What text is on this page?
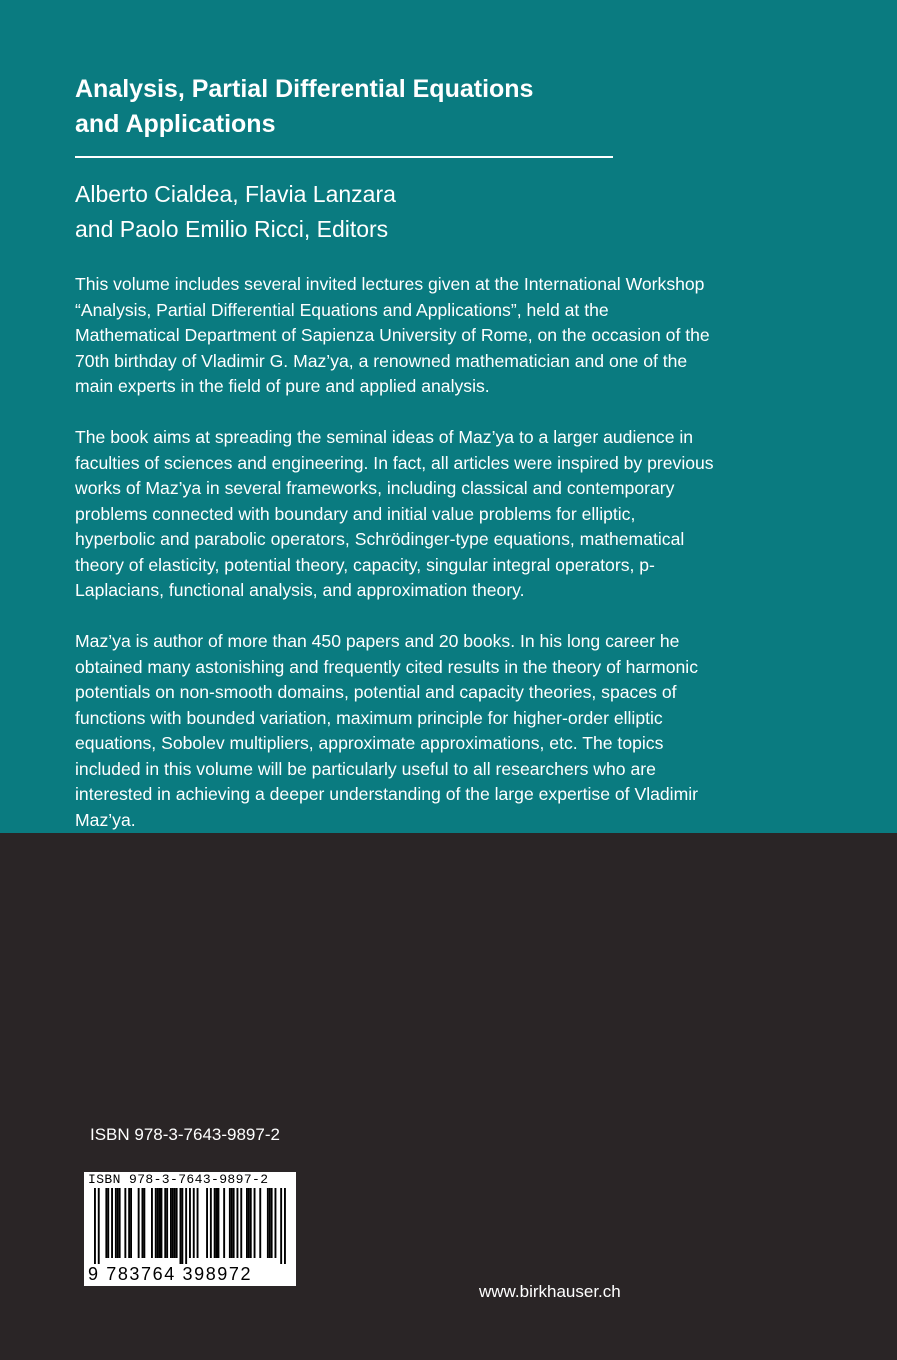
Analysis, Partial Differential Equations
and Applications
Alberto Cialdea, Flavia Lanzara
and Paolo Emilio Ricci, Editors

This volume includes several invited lectures given at the International Workshop “Analysis, Partial Differential Equations and Applications”, held at the Mathematical Department of Sapienza University of Rome, on the occasion of the 70th birthday of Vladimir G. Maz’ya, a renowned mathematician and one of the main experts in the field of pure and applied analysis.

The book aims at spreading the seminal ideas of Maz’ya to a larger audience in faculties of sciences and engineering. In fact, all articles were inspired by previous works of Maz’ya in several frameworks, including classical and contemporary problems connected with boundary and initial value problems for elliptic, hyperbolic and parabolic operators, Schrödinger-type equations, mathematical theory of elasticity, potential theory, capacity, singular integral operators, p-Laplacians, functional analysis, and approximation theory.

Maz’ya is author of more than 450 papers and 20 books. In his long career he obtained many astonishing and frequently cited results in the theory of harmonic potentials on non-smooth domains, potential and capacity theories, spaces of functions with bounded variation, maximum principle for higher-order elliptic equations, Sobolev multipliers, approximate approximations, etc. The topics included in this volume will be particularly useful to all researchers who are interested in achieving a deeper understanding of the large expertise of Vladimir Maz’ya.

ISBN 978-3-7643-9897-2
ISBN 978-3-7643-9897-2
9 783764 398972
www.birkhauser.ch
